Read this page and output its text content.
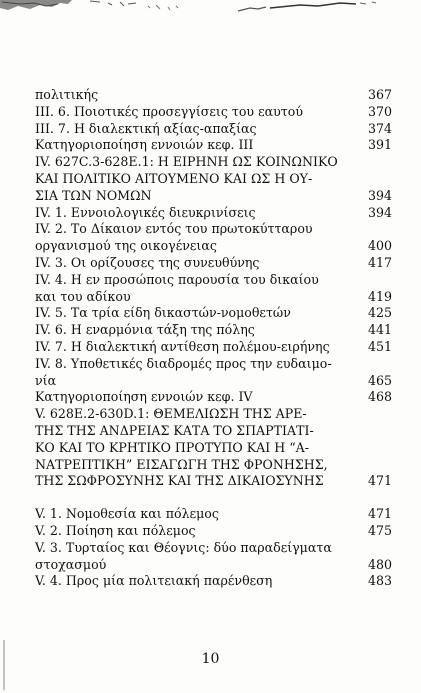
πολιτικής	367
ΙΙΙ. 6. Ποιοτικές προσεγγίσεις του εαυτού	370
ΙΙΙ. 7. Η διαλεκτική αξίας-απαξίας	374
Κατηγοριοποίηση εννοιών κεφ. ΙΙΙ	391
IV. 627C.3-628E.1: Η ΕΙΡΗΝΗ ΩΣ ΚΟΙΝΩΝΙΚΟ
ΚΑΙ ΠΟΛΙΤΙΚΟ ΑΙΤΟΥΜΕΝΟ ΚΑΙ ΩΣ Η ΟΥ-
ΣΙΑ ΤΩΝ ΝΟΜΩΝ	394
IV. 1. Εννοιολογικές διευκρινίσεις	394
IV. 2. Το Δίκαιον εντός του πρωτοκύτταρου
οργανισμού της οικογένειας	400
IV. 3. Οι ορίζουσες της συνευθύνης	417
IV. 4. Η εν προσώποις παρουσία του δικαίου
και του αδίκου	419
IV. 5. Τα τρία είδη δικαστών-νομοθετών	425
IV. 6. Η εναρμόνια τάξη της πόλης	441
IV. 7. Η διαλεκτική αντίθεση πολέμου-ειρήνης	451
IV. 8. Υποθετικές διαδρομές προς την ευδαιμο-
νία	465
Κατηγοριοποίηση εννοιών κεφ. IV	468
V. 628E.2-630D.1: ΘΕΜΕΛΙΩΣΗ ΤΗΣ ΑΡΕ-
ΤΗΣ ΤΗΣ ΑΝΔΡΕΙΑΣ ΚΑΤΑ ΤΟ ΣΠΑΡΤΙΑΤΙ-
ΚΟ ΚΑΙ ΤΟ ΚΡΗΤΙΚΟ ΠΡΟΤΥΠΟ ΚΑΙ Η “Α-
ΝΑΤΡΕΠΤΙΚΗ” ΕΙΣΑΓΩΓΗ ΤΗΣ ΦΡΟΝΗΣΗΣ,
ΤΗΣ ΣΩΦΡΟΣΥΝΗΣ ΚΑΙ ΤΗΣ ΔΙΚΑΙΟΣΥΝΗΣ	471
V. 1. Νομοθεσία και πόλεμος	471
V. 2. Ποίηση και πόλεμος	475
V. 3. Τυρταίος και Θέογνις: δύο παραδείγματα
στοχασμού	480
V. 4. Προς μία πολιτειακή παρένθεση	483
10
